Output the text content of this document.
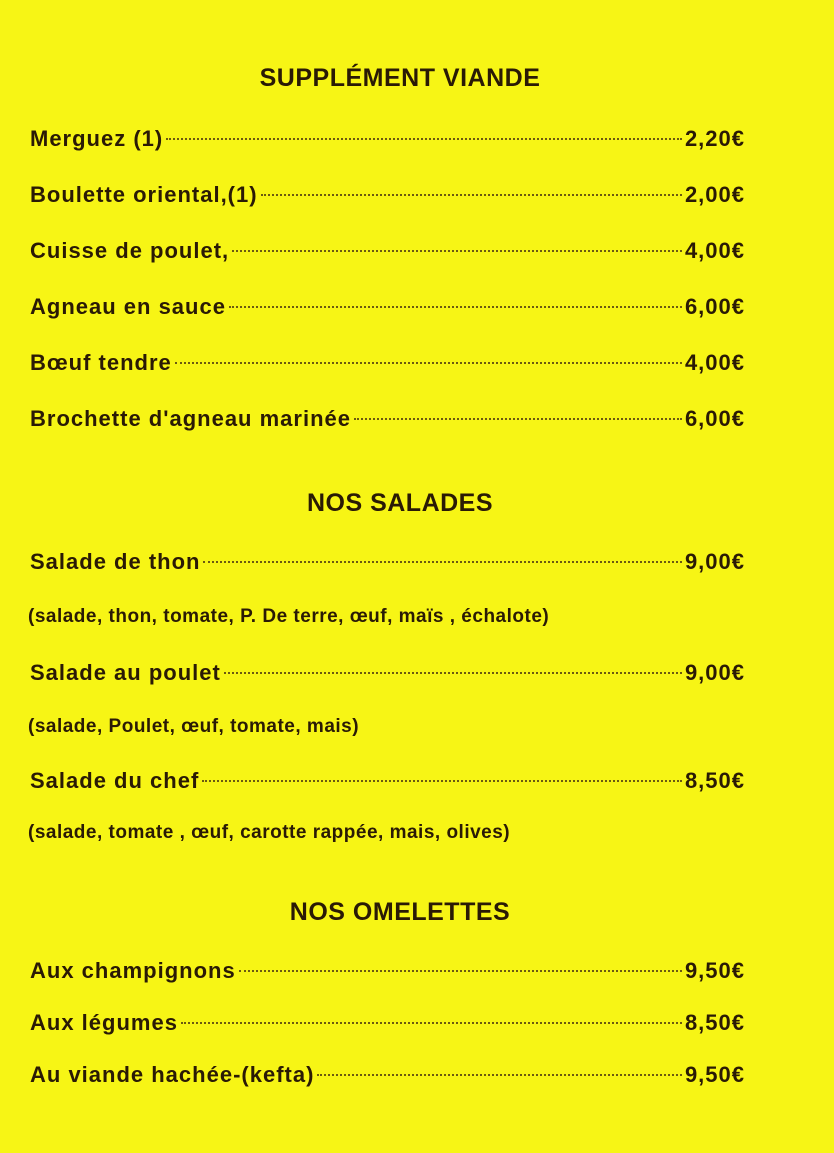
SUPPLÉMENT VIANDE
Merguez (1)	2,20€
Boulette oriental,(1)	2,00€
Cuisse de poulet,	4,00€
Agneau en sauce	6,00€
Bœuf tendre	4,00€
Brochette d'agneau marinée	6,00€
NOS SALADES
Salade de thon	9,00€
(salade, thon, tomate, P. De terre, œuf, maïs , échalote)
Salade au poulet	9,00€
(salade, Poulet, œuf, tomate, mais)
Salade du chef	8,50€
(salade, tomate , œuf, carotte rappée, mais, olives)
NOS OMELETTES
Aux champignons	9,50€
Aux légumes	8,50€
Au viande hachée-(kefta)	9,50€
